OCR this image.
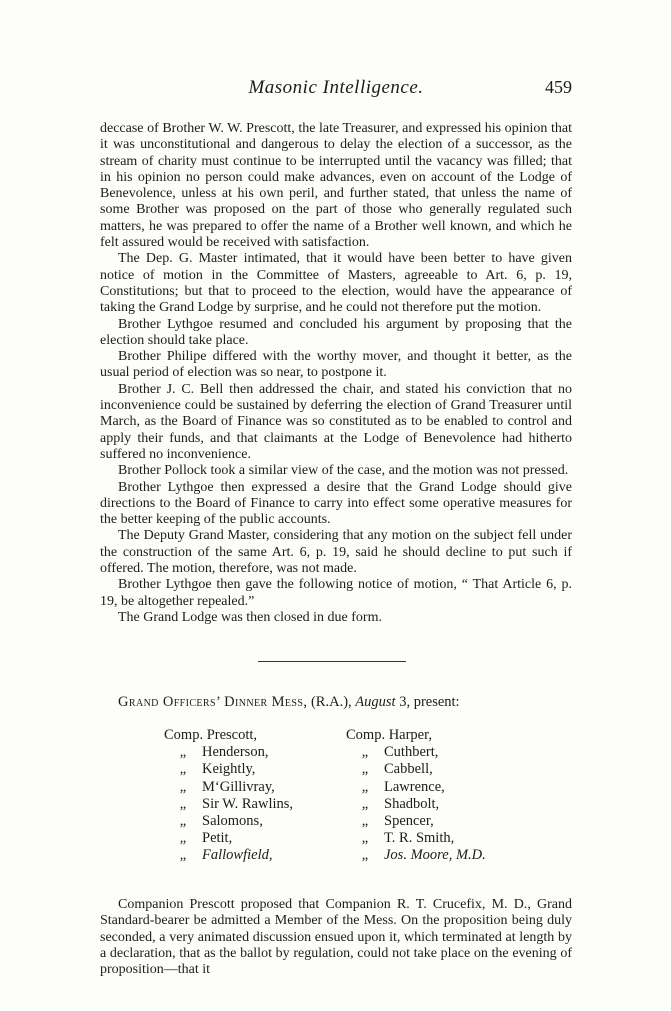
Masonic Intelligence.	459

deccase of Brother W. W. Prescott, the late Treasurer, and expressed his opinion that it was unconstitutional and dangerous to delay the election of a successor, as the stream of charity must continue to be interrupted until the vacancy was filled; that in his opinion no person could make advances, even on account of the Lodge of Benevolence, unless at his own peril, and further stated, that unless the name of some Brother was proposed on the part of those who generally regulated such matters, he was prepared to offer the name of a Brother well known, and which he felt assured would be received with satisfaction.

The Dep. G. Master intimated, that it would have been better to have given notice of motion in the Committee of Masters, agreeable to Art. 6, p. 19, Constitutions; but that to proceed to the election, would have the appearance of taking the Grand Lodge by surprise, and he could not therefore put the motion.

Brother Lythgoe resumed and concluded his argument by proposing that the election should take place.

Brother Philipe differed with the worthy mover, and thought it better, as the usual period of election was so near, to postpone it.

Brother J. C. Bell then addressed the chair, and stated his conviction that no inconvenience could be sustained by deferring the election of Grand Treasurer until March, as the Board of Finance was so constituted as to be enabled to control and apply their funds, and that claimants at the Lodge of Benevolence had hitherto suffered no inconvenience.

Brother Pollock took a similar view of the case, and the motion was not pressed.

Brother Lythgoe then expressed a desire that the Grand Lodge should give directions to the Board of Finance to carry into effect some operative measures for the better keeping of the public accounts.

The Deputy Grand Master, considering that any motion on the subject fell under the construction of the same Art. 6, p. 19, said he should decline to put such if offered. The motion, therefore, was not made.

Brother Lythgoe then gave the following notice of motion, “ That Article 6, p. 19, be altogether repealed.”

The Grand Lodge was then closed in due form.

Grand Officers’ Dinner Mess, (R.A.), August 3, present:
Comp. Prescott,
„ Henderson,
„ Keightly,
„ M‘Gillivray,
„ Sir W. Rawlins,
„ Salomons,
„ Petit,
„ Fallowfield,
Comp. Harper,
„ Cuthbert,
„ Cabbell,
„ Lawrence,
„ Shadbolt,
„ Spencer,
„ T. R. Smith,
„ Jos. Moore, M.D.

Companion Prescott proposed that Companion R. T. Crucefix, M. D., Grand Standard-bearer be admitted a Member of the Mess. On the proposition being duly seconded, a very animated discussion ensued upon it, which terminated at length by a declaration, that as the ballot by regulation, could not take place on the evening of proposition—that it
